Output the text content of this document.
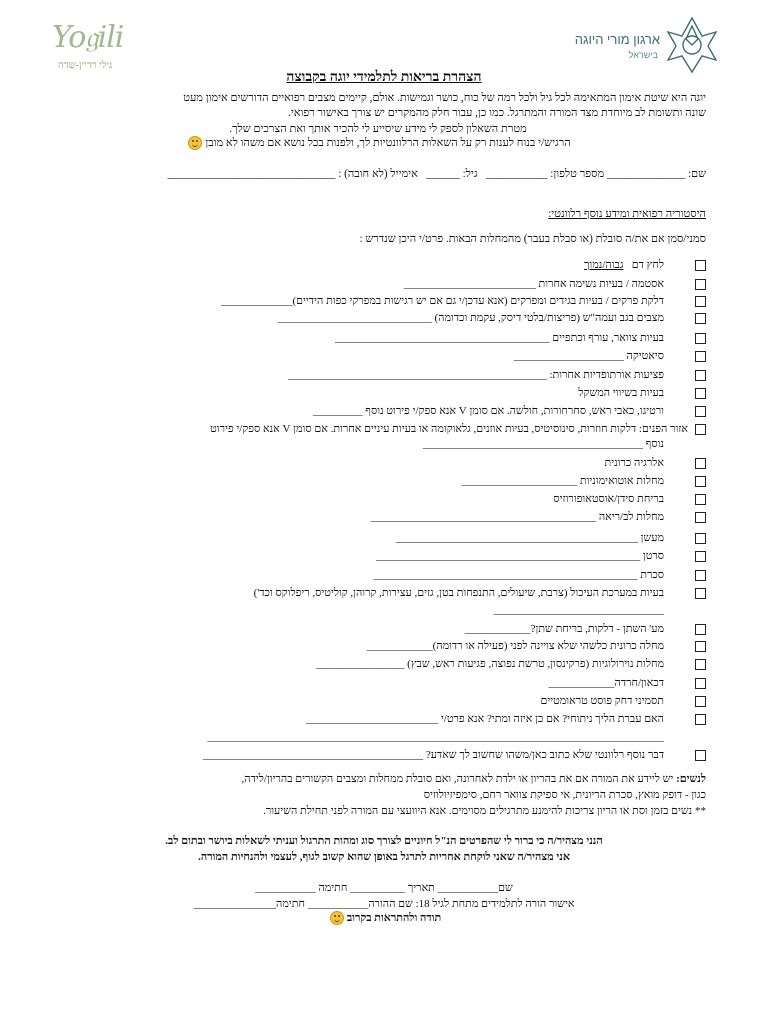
Yo𝔤ili
גילי רדיין-שדה
ארגון מורי היוגה
בישראל
הצהרת בריאות לתלמידי יוגה בקבוצה
יוגה היא שיטת אימון המתאימה לכל גיל ולכל רמה של כוח, כושר וגמישות. אולם, קיימים מצבים רפואיים הדורשים אימון מעט
שונה ותשומת לב מיוחדת מצד המורה והמתרגל. כמו כן, עבור חלק מהמקרים יש צורך באישור רפואי.
מטרת השאלון לספק לי מידע שיסייע לי להכיר אותך ואת הצרכים שלך.
הרגיש/י בנוח לענות רק על השאלות הרלוונטיות לך, ולפנות בכל נושא אם משהו לא מובן
שם: ______________ מספר טלפון: ___________   גיל: ______   אימייל (לא חובה) : ______________________________
היסטוריה רפואית ומידע נוסף רלוונטי:
סמני/סמן אם את/ה סובלת (או סבלת בעבר) מהמחלות הבאות. פרט/י היכן שנדרש :
לחץ דם   גבוה/נמוך
אסטמה / בעיות נשימה אחרות ________________________
דלקת פרקים / בעיות בגידים ומפרקים (אנא עדכן/י גם אם יש רגישות במפרקי כפות הידיים)_____________
מצבים בגב ועמה"ש (פריצות/בלטי דיסק, עקמת וכדומה) ____________________________
בעיות צוואר, עורף וכתפיים _______________________________________
סיאטיקה ____________________
פציעות אורתופדיות אחרות: _______________________________________________
בעיות בשיווי המשקל
ורטיגו, כאבי ראש, סחרחורות, חולשה. אם סומן V אנא ספק/י פירוט נוסף _________
אזור הפנים: דלקות חוזרות, סינוסיטיס, בעיות אוזנים, גלאוקומה או בעיות עיניים אחרות. אם סומן V אנא ספק/י פירוט
נוסף ________________________________________
אלרגיה כרונית
מחלות אוטואימוניות _____________________
בריחת סידן/אוסטאופורוזיס
מחלות לב/ריאה _________________________________________
מעשן ____________________________________________
סרטן ________________________________________________
סכרת ________________________________________________
בעיות במערכת העיכול (צרבת, שיעולים, התנפחות בטן, גזים, עצירות, קרוהן, קוליטיס, ריפלוקס וכד')
_______________________________
מע' השתן - דלקות, בריחת שתן?____________
מחלה כרונית כלשהי שלא צויינה לפני (פעילה או רדומה)____________
מחלות נוירולוגיות (פרקינסון, טרשת נפוצה, פגיעות ראש, שבץ) ________________
דכאון/חרדה____________
תסמיני דחק פוסט טראומטיים
האם עברת הליך ניתוחי? אם כן איזה ומתי? אנא פרט/י ________________________
___________________________________________________________________________________
דבר נוסף רלוונטי שלא כתוב כאן/משהו שחשוב לך שאדע? ________________________________________
לנשים: יש ליידע את המורה אם את בהריון או ילדת לאחרונה, ואם סובלת ממחלות ומצבים הקשורים בהריון/לידה,
כגון - דופק מואץ, סכרת הריונית, אי ספיקת צוואר רחם, סימפיזיולוזיס
** נשים בזמן וסת או הריון צריכות להימנע מתרגילים מסוימים. אנא היוועצי עם המורה לפני תחילת השיעור.
הנני מצהיר/ה כי ברור לי שהפרטים הנ"ל חיוניים לצורך סוג ומהות התרגול ועניתי לשאלות ביושר ובתום לב.
אני מצהיר/ה שאני לוקחת אחריות לתרגל באופן שהוא קשוב לגוף, לעצמי ולהנחיות המורה.
שם___________ תאריך __________ חתימה ___________
אישור הורה לתלמידים מתחת לגיל 18: שם ההורה___________ חתימה_______________
תודה ולהתראות בקרוב
